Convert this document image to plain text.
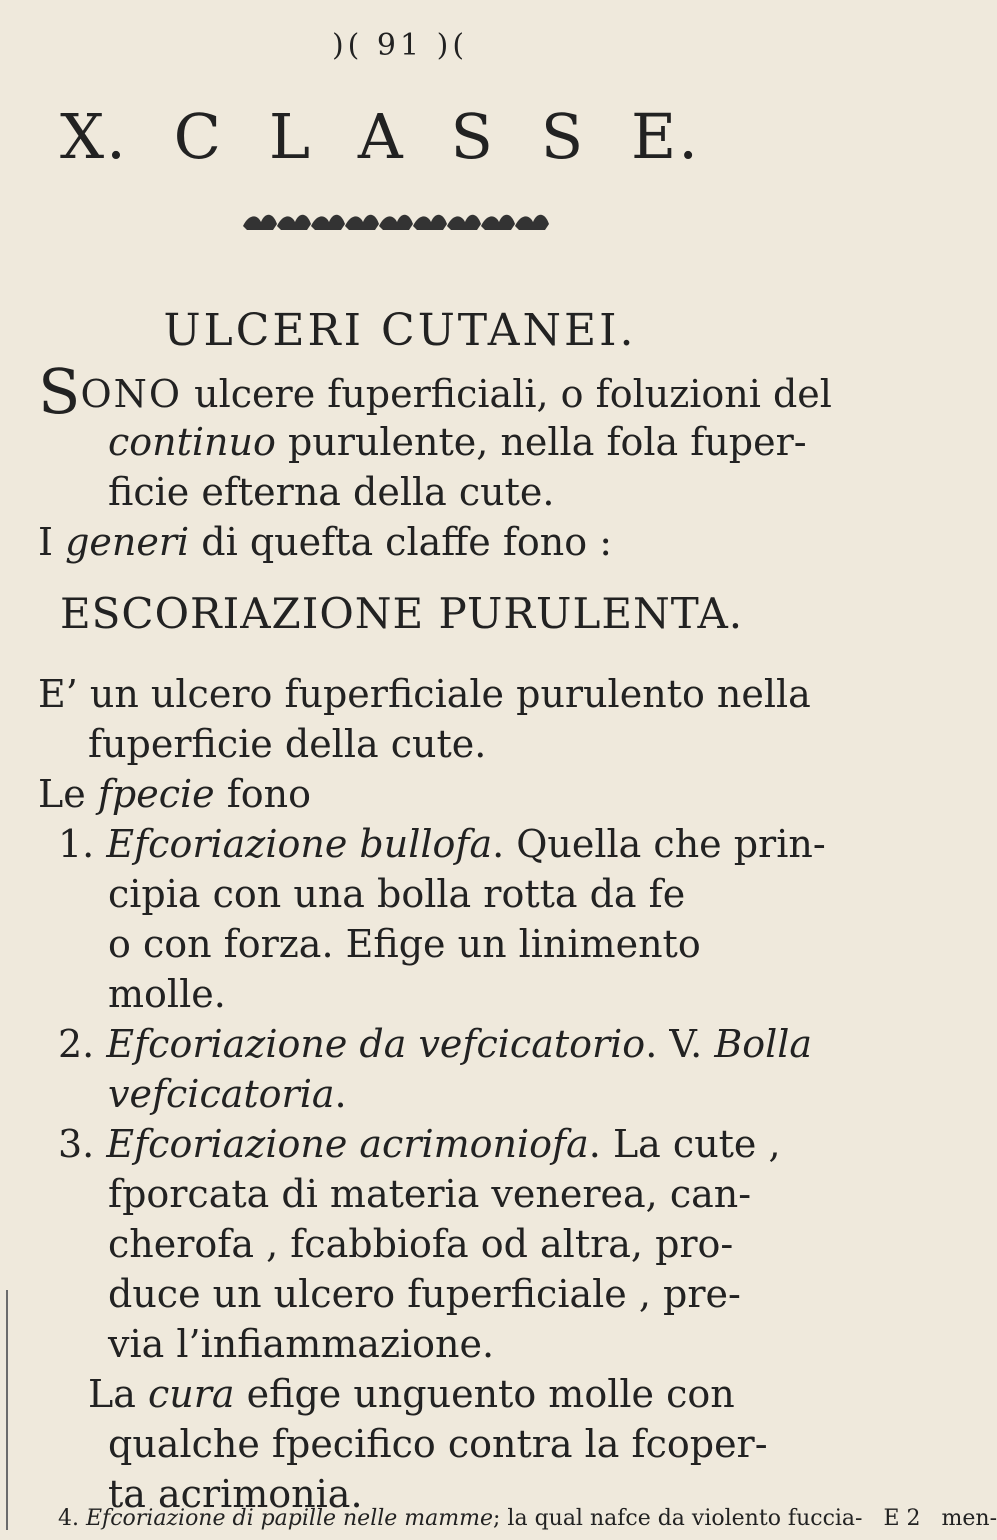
)( 91 )(
X. C L A S S E.
ULCERI CUTANEI.
SONO ulcere fuperficiali, o foluzioni del
continuo purulente, nella fola fuper-
ficie efterna della cute.
I generi di quefta claffe fono :
ESCORIAZIONE PURULENTA.
E’ un ulcero fuperficiale purulento nella
fuperficie della cute.
Le fpecie fono
1. Efcoriazione bullofa. Quella che prin-
cipia con una bolla rotta da fe
o con forza. Efige un linimento
molle.
2. Efcoriazione da vefcicatorio. V. Bolla
vefcicatoria.
3. Efcoriazione acrimoniofa. La cute ,
fporcata di materia venerea, can-
cherofa , fcabbiofa od altra, pro-
duce un ulcero fuperficiale , pre-
via l’infiammazione.
La cura efige unguento molle con
qualche fpecifico contra la fcoper-
ta acrimonia.
4. Efcoriazione di papille nelle mamme; la qual nafce da violento fuccia- E 2 men-
